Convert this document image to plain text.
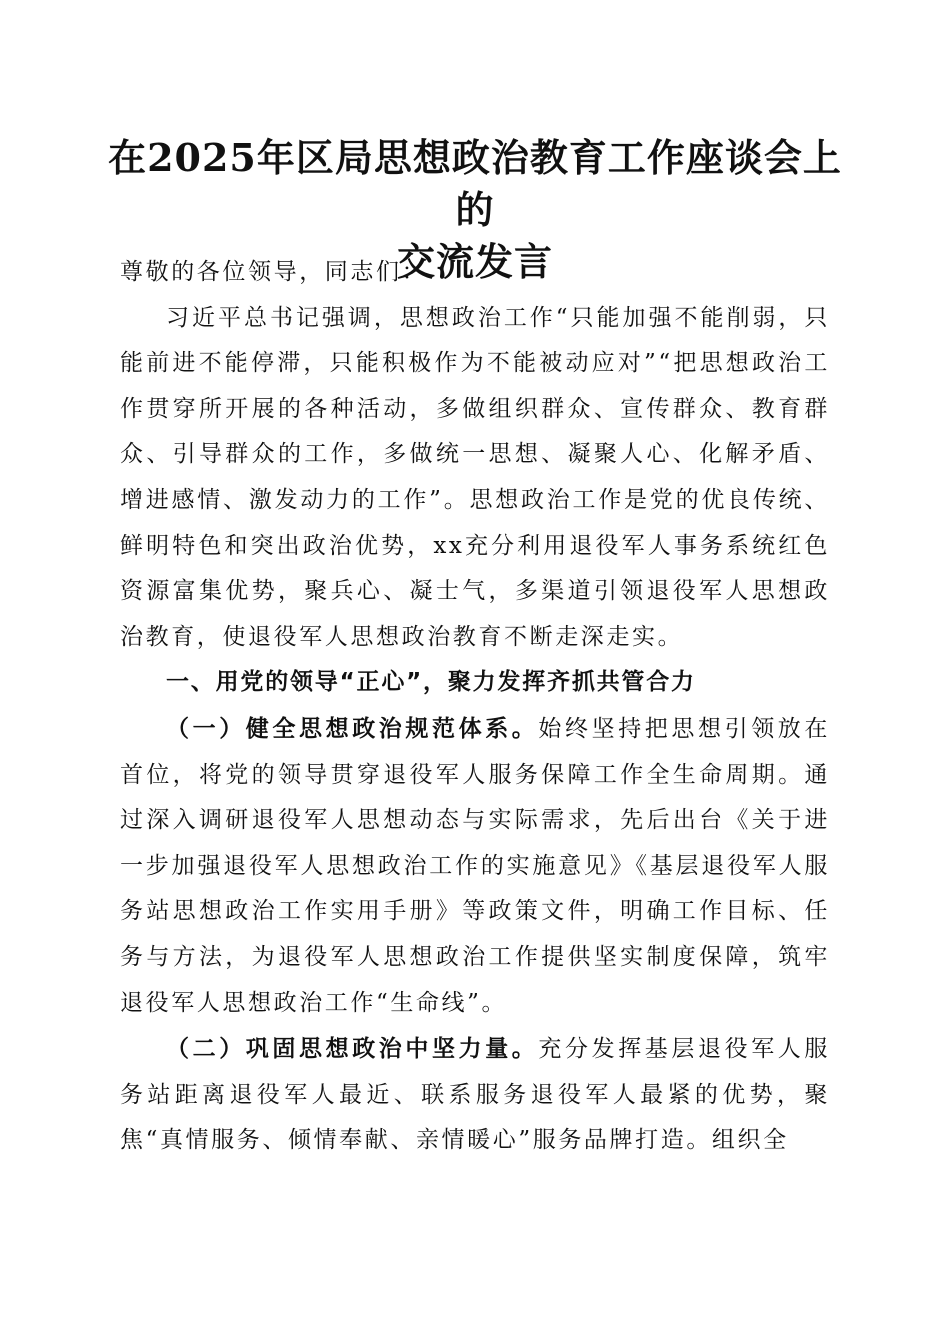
在2025年区局思想政治教育工作座谈会上的
交流发言

尊敬的各位领导，同志们：

习近平总书记强调，思想政治工作“只能加强不能削弱，只能前进不能停滞，只能积极作为不能被动应对”“把思想政治工作贯穿所开展的各种活动，多做组织群众、宣传群众、教育群众、引导群众的工作，多做统一思想、凝聚人心、化解矛盾、增进感情、激发动力的工作”。思想政治工作是党的优良传统、鲜明特色和突出政治优势，xx充分利用退役军人事务系统红色资源富集优势，聚兵心、凝士气，多渠道引领退役军人思想政治教育，使退役军人思想政治教育不断走深走实。

一、用党的领导“正心”，聚力发挥齐抓共管合力

（一）健全思想政治规范体系。始终坚持把思想引领放在首位，将党的领导贯穿退役军人服务保障工作全生命周期。通过深入调研退役军人思想动态与实际需求，先后出台《关于进一步加强退役军人思想政治工作的实施意见》《基层退役军人服务站思想政治工作实用手册》等政策文件，明确工作目标、任务与方法，为退役军人思想政治工作提供坚实制度保障，筑牢退役军人思想政治工作“生命线”。

（二）巩固思想政治中坚力量。充分发挥基层退役军人服务站距离退役军人最近、联系服务退役军人最紧的优势，聚焦“真情服务、倾情奉献、亲情暖心”服务品牌打造。组织全
